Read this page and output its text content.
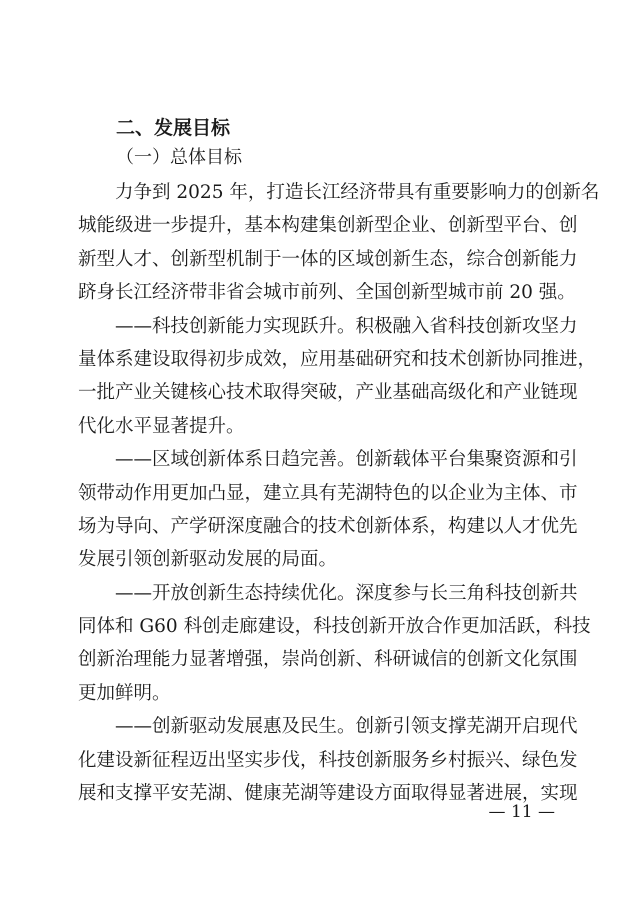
二、发展目标
（一）总体目标
力争到 2025 年，打造长江经济带具有重要影响力的创新名
城能级进一步提升，基本构建集创新型企业、创新型平台、创
新型人才、创新型机制于一体的区域创新生态，综合创新能力
跻身长江经济带非省会城市前列、全国创新型城市前 20 强。
——科技创新能力实现跃升。积极融入省科技创新攻坚力
量体系建设取得初步成效，应用基础研究和技术创新协同推进，
一批产业关键核心技术取得突破，产业基础高级化和产业链现
代化水平显著提升。
——区域创新体系日趋完善。创新载体平台集聚资源和引
领带动作用更加凸显，建立具有芜湖特色的以企业为主体、市
场为导向、产学研深度融合的技术创新体系，构建以人才优先
发展引领创新驱动发展的局面。
——开放创新生态持续优化。深度参与长三角科技创新共
同体和 G60 科创走廊建设，科技创新开放合作更加活跃，科技
创新治理能力显著增强，崇尚创新、科研诚信的创新文化氛围
更加鲜明。
——创新驱动发展惠及民生。创新引领支撑芜湖开启现代
化建设新征程迈出坚实步伐，科技创新服务乡村振兴、绿色发
展和支撑平安芜湖、健康芜湖等建设方面取得显著进展，实现
— 11 —
